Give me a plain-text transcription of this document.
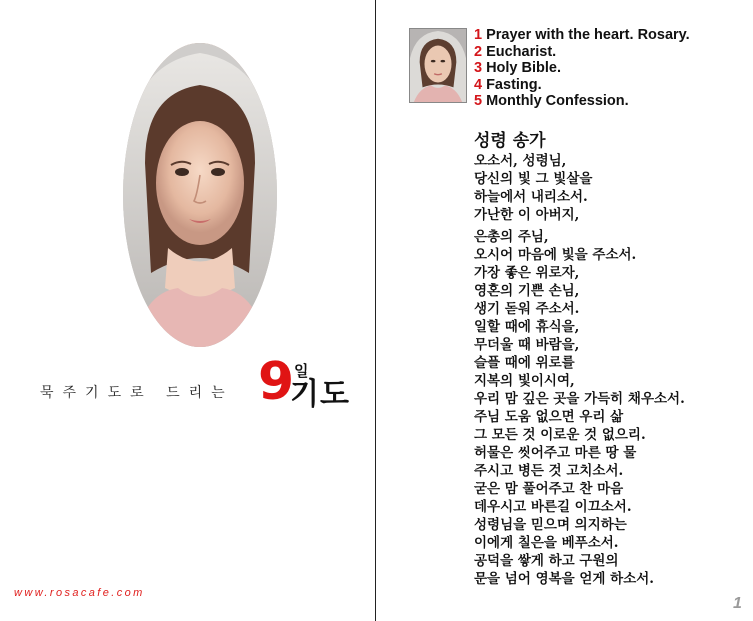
묵주기도로 드리는 9 일
기도
www.rosacafe.com
1 Prayer with the heart. Rosary.
2 Eucharist.
3 Holy Bible.
4 Fasting.
5 Monthly Confession.
성령 송가
오소서, 성령님,
당신의 빛 그 빛살을
하늘에서 내리소서.
가난한 이 아버지,
은총의 주님,
오시어 마음에 빛을 주소서.
가장 좋은 위로자,
영혼의 기쁜 손님,
생기 돋워 주소서.
일할 때에 휴식을,
무더울 때 바람을,
슬플 때에 위로를
지복의 빛이시여,
우리 맘 깊은 곳을 가득히 채우소서.
주님 도움 없으면 우리 삶
그 모든 것 이로운 것 없으리.
허물은 씻어주고 마른 땅 물
주시고 병든 것 고치소서.
굳은 맘 풀어주고 찬 마음
데우시고 바른길 이끄소서.
성령님을 믿으며 의지하는
이에게 칠은을 베푸소서.
공덕을 쌓게 하고 구원의
문을 넘어 영복을 얻게 하소서.
1
